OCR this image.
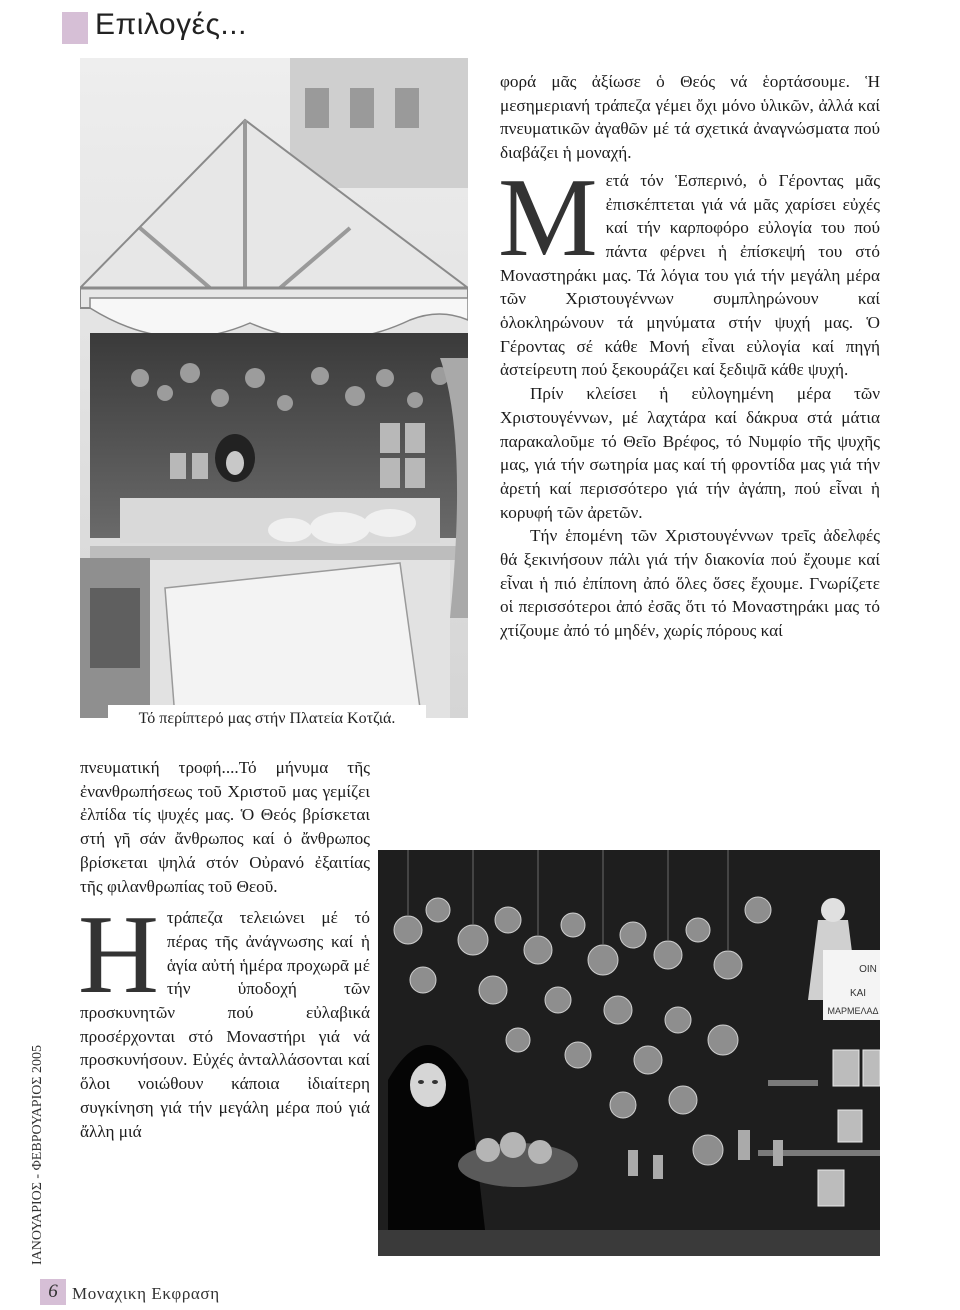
Επιλογές...
Τό περίπτερό μας στήν Πλατεία Κοτζιά.

πνευματική τροφή....Τό μήνυμα τῆς ἐνανθρωπήσεως τοῦ Χριστοῦ μας γεμίζει ἐλπίδα τίς ψυχές μας. Ὁ Θεός βρίσκεται στή γῆ σάν ἄνθρωπος καί ὁ ἄνθρωπος βρίσκεται ψηλά στόν Οὐρανό ἐξαιτίας τῆς φιλανθρωπίας τοῦ Θεοῦ.

Ητράπεζα τελειώνει μέ τό πέρας τῆς ἀνάγνωσης καί ἡ ἁγία αὐτή ἡμέρα προχωρᾶ μέ τήν ὑποδοχή τῶν προσκυνητῶν πού εὐλαβικά προσέρχονται στό Μοναστήρι γιά νά προσκυνήσουν. Εὐχές ἀνταλλάσονται καί ὅλοι νοιώθουν κάποια ἰδιαίτερη συγκίνηση γιά τήν μεγάλη μέρα πού γιά ἄλλη μιά

φορά μᾶς ἀξίωσε ὁ Θεός νά ἑορτάσουμε. Ἡ μεσημεριανή τράπεζα γέμει ὄχι μόνο ὑλικῶν, ἀλλά καί πνευματικῶν ἀγαθῶν μέ τά σχετικά ἀναγνώσματα πού διαβάζει ἡ μοναχή.

Μετά τόν Ἑσπερινό, ὁ Γέροντας μᾶς ἐπισκέπτεται γιά νά μᾶς χαρίσει εὐχές καί τήν καρποφόρο εὐλογία του πού πάντα φέρνει ἡ ἐπίσκεψή του στό Μοναστηράκι μας. Τά λόγια του γιά τήν μεγάλη μέρα τῶν Χριστουγέννων συμπληρώνουν καί ὁλοκληρώνουν τά μηνύματα στήν ψυχή μας. Ὁ Γέροντας σέ κάθε Μονή εἶναι εὐλογία καί πηγή ἀστείρευτη πού ξεκουράζει καί ξεδιψᾶ κάθε ψυχή.

Πρίν κλείσει ἡ εὐλογημένη μέρα τῶν Χριστουγέννων, μέ λαχτάρα καί δάκρυα στά μάτια παρακαλοῦμε τό Θεῖο Βρέφος, τό Νυμφίο τῆς ψυχῆς μας, γιά τήν σωτηρία μας καί τή φροντίδα μας γιά τήν ἀρετή καί περισσότερο γιά τήν ἀγάπη, πού εἶναι ἡ κορυφή τῶν ἀρετῶν.

Τήν ἑπομένη τῶν Χριστουγέννων τρεῖς ἀδελφές θά ξεκινήσουν πάλι γιά τήν διακονία πού ἔχουμε καί εἶναι ἡ πιό ἐπίπονη ἀπό ὅλες ὅσες ἔχουμε. Γνωρίζετε οἱ περισσότεροι ἀπό ἐσᾶς ὅτι τό Μοναστηράκι μας τό χτίζουμε ἀπό τό μηδέν, χωρίς πόρους καί

ΟΙΝ
ΚΑΙ
ΜΑΡΜΕΛΑΔ
ΙΑΝΟΥΑΡΙΟΣ - ΦΕΒΡΟΥΑΡΙΟΣ 2005
6 Μοναχικη Εκφραση
